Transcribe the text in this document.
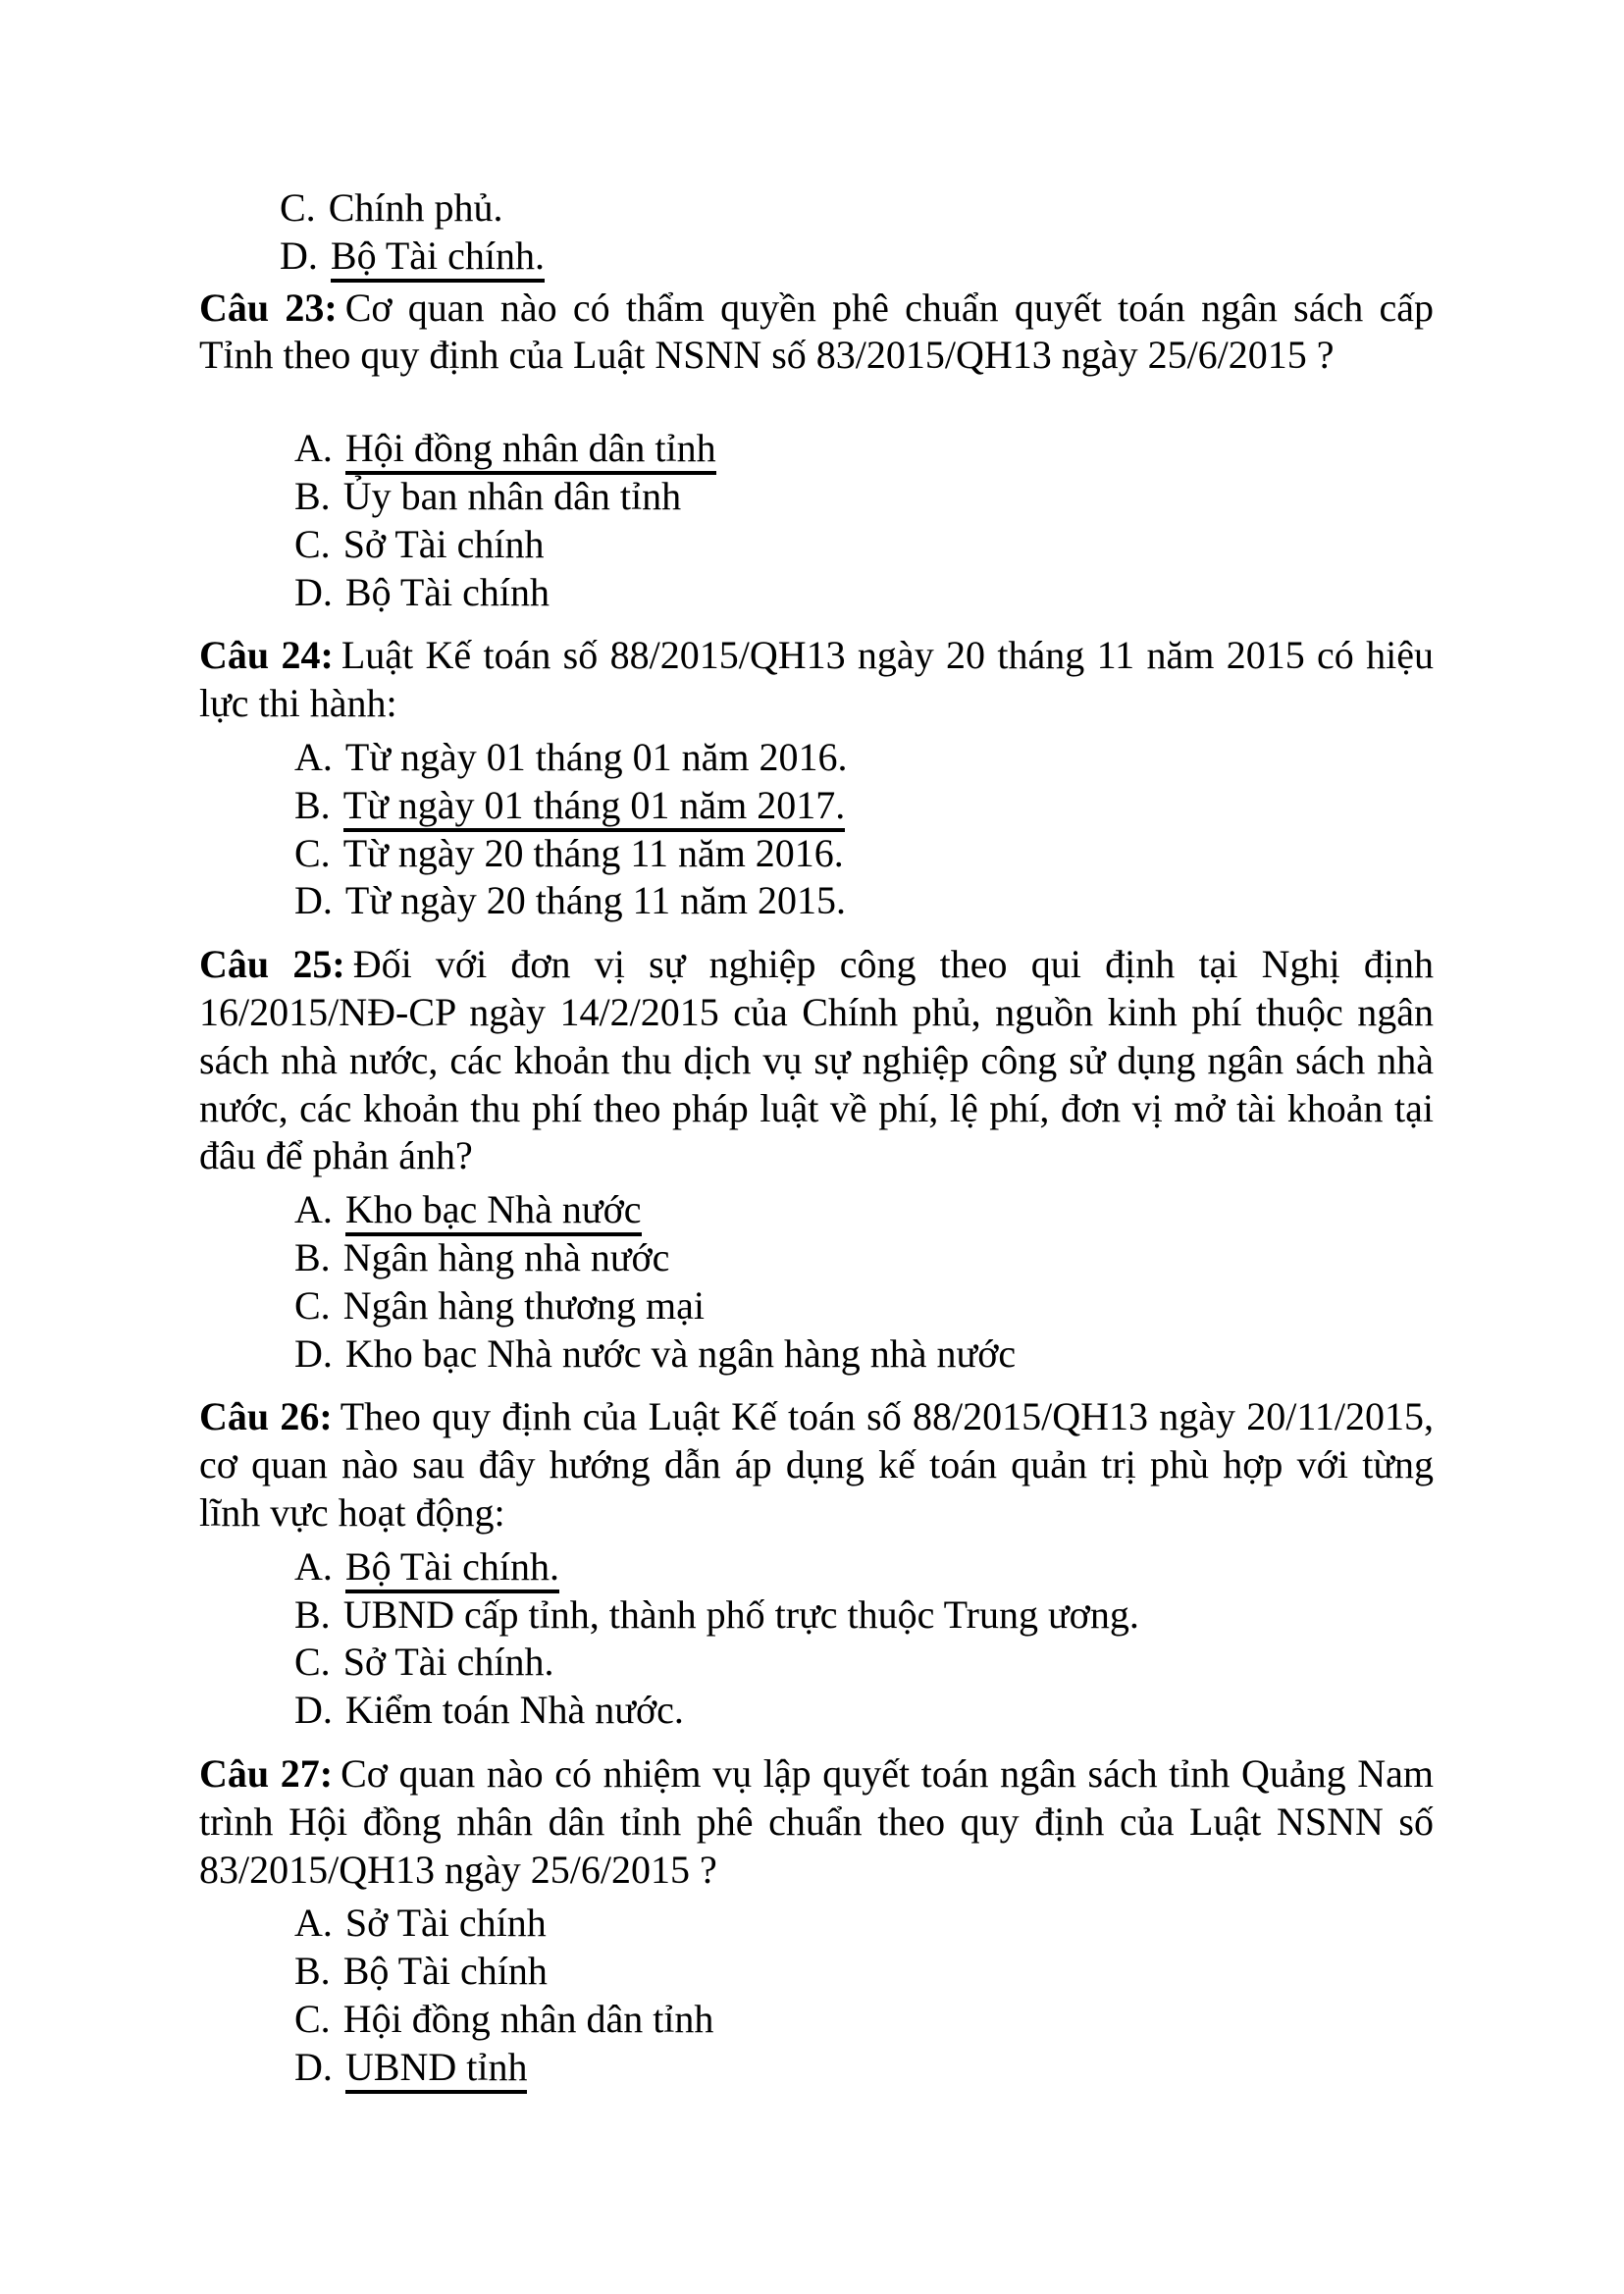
C. Chính phủ.
D. Bộ Tài chính.

Câu 23: Cơ quan nào có thẩm quyền phê chuẩn quyết toán ngân sách cấp Tỉnh theo quy định của Luật NSNN số 83/2015/QH13 ngày 25/6/2015 ?

A. Hội đồng nhân dân tỉnh
B. Ủy ban nhân dân tỉnh
C. Sở Tài chính
D. Bộ Tài chính

Câu 24: Luật Kế toán số 88/2015/QH13 ngày 20 tháng 11 năm 2015 có hiệu lực thi hành:

A. Từ ngày 01 tháng 01 năm 2016.
B. Từ ngày 01 tháng 01 năm 2017.
C. Từ ngày 20 tháng 11 năm 2016.
D. Từ ngày 20 tháng 11 năm 2015.

Câu 25: Đối với đơn vị sự nghiệp công theo qui định tại Nghị định 16/2015/NĐ-CP ngày 14/2/2015 của Chính phủ, nguồn kinh phí thuộc ngân sách nhà nước, các khoản thu dịch vụ sự nghiệp công sử dụng ngân sách nhà nước, các khoản thu phí theo pháp luật về phí, lệ phí, đơn vị mở tài khoản tại đâu để phản ánh?

A. Kho bạc Nhà nước
B. Ngân hàng nhà nước
C. Ngân hàng thương mại
D. Kho bạc Nhà nước và ngân hàng nhà nước

Câu 26: Theo quy định của Luật Kế toán số 88/2015/QH13 ngày 20/11/2015, cơ quan nào sau đây hướng dẫn áp dụng kế toán quản trị phù hợp với từng lĩnh vực hoạt động:

A. Bộ Tài chính.
B. UBND cấp tỉnh, thành phố trực thuộc Trung ương.
C. Sở Tài chính.
D. Kiểm toán Nhà nước.

Câu 27: Cơ quan nào có nhiệm vụ lập quyết toán ngân sách tỉnh Quảng Nam trình Hội đồng nhân dân tỉnh phê chuẩn theo quy định của Luật NSNN số 83/2015/QH13 ngày 25/6/2015 ?

A. Sở Tài chính
B. Bộ Tài chính
C. Hội đồng nhân dân tỉnh
D. UBND tỉnh
